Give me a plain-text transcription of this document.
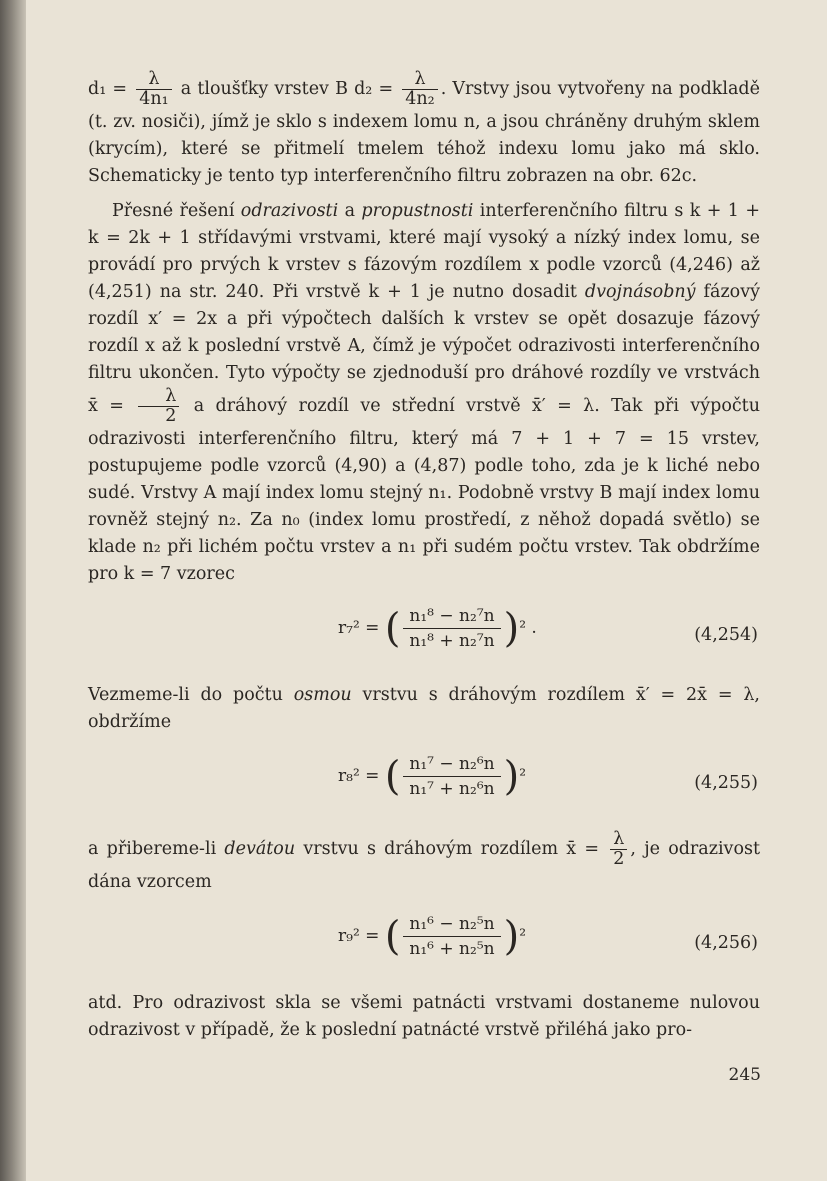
$d_1 = \frac{\lambda}{\text{4n₁}}$ a tloušťky vrstev B $d_2 = \frac{\lambda}{\text{4n₂}}$ . Vrstvy jsou vytvořeny na podkladě (t. zv. nosiči), jímž je sklo s indexem lomu n, a jsou chráněny druhým sklem (krycím), které se přitmelí tmelem téhož indexu lomu jako má sklo. Schematicky je tento typ interferenčního filtru zobrazen na obr. 62c.

Přesné řešení odrazivosti a propustnosti interferenčního filtru s k + 1 + k = 2k + 1 střídavými vrstvami, které mají vysoký a nízký index lomu, se provádí pro prvých k vrstev s fázovým rozdílem x podle vzorců (4,246) až (4,251) na str. 240. Při vrstvě k + 1 je nutno dosadit dvojnásobný fázový rozdíl x′ = 2x a při výpočtech dalších k vrstev se opět dosazuje fázový rozdíl x až k poslední vrstvě A, čímž je výpočet odrazivosti interferenčního filtru ukončen. Tyto výpočty se zjednoduší pro dráhové rozdíly ve vrstvách x̄ = $\frac{\lambda}{2}$ a dráhový rozdíl ve střední vrstvě x̄′ = λ. Tak při výpočtu odrazivosti interferenčního filtru, který má 7 + 1 + 7 = 15 vrstev, postupujeme podle vzorců (4,90) a (4,87) podle toho, zda je k liché nebo sudé. Vrstvy A mají index lomu stejný n₁. Podobně vrstvy B mají index lomu rovněž stejný n₂. Za n₀ (index lomu prostředí, z něhož dopadá světlo) se klade n₂ při lichém počtu vrstev a n₁ při sudém počtu vrstev. Tak obdržíme pro k = 7 vzorec

r₇² = ( $\frac{\text{n₁⁸ − n₂⁷n}}{\text{n₁⁸ + n₂⁷n}} )^2$ .	(4,254)

Vezmeme-li do počtu osmou vrstvu s dráhovým rozdílem x̄′ = 2x̄ = λ, obdržíme

r₈² = ( $\frac{\text{n₁⁷ − n₂⁶n}}{\text{n₁⁷ + n₂⁶n}} )^2$	(4,255)

a přibereme-li devátou vrstvu s dráhovým rozdílem x̄ = $\frac{\lambda}{2}$ , je odrazivost dána vzorcem

r₉² = ( $\frac{\text{n₁⁶ − n₂⁵n}}{\text{n₁⁶ + n₂⁵n}} )^2$	(4,256)

atd. Pro odrazivost skla se všemi patnácti vrstvami dostaneme nulovou odrazivost v případě, že k poslední patnácté vrstvě přiléhá jako pro-

245
